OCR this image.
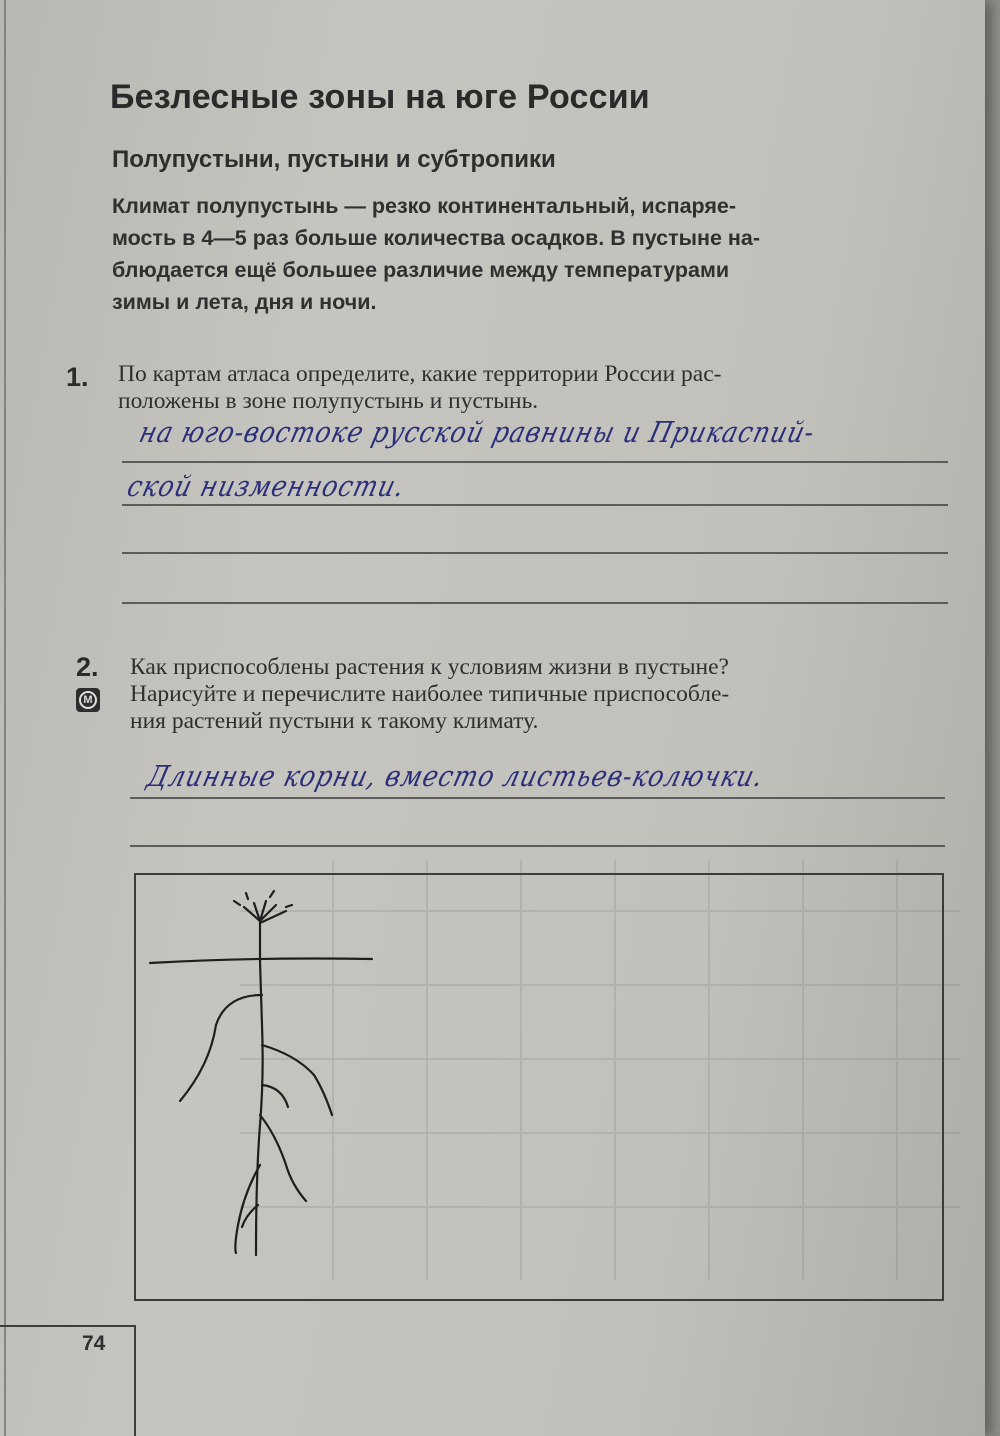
Безлесные зоны на юге России
Полупустыни, пустыни и субтропики
Климат полупустынь — резко континентальный, испаряе-
мость в 4—5 раз больше количества осадков. В пустыне на-
блюдается ещё большее различие между температурами
зимы и лета, дня и ночи.
1. По картам атласа определите, какие территории России рас-
положены в зоне полупустынь и пустынь.
на юго-востоке русской равнины и Прикаспий-
ской низменности.
2.
М
Как приспособлены растения к условиям жизни в пустыне?
Нарисуйте и перечислите наиболее типичные приспособле-
ния растений пустыни к такому климату.
Длинные корни, вместо листьев-колючки.
74
